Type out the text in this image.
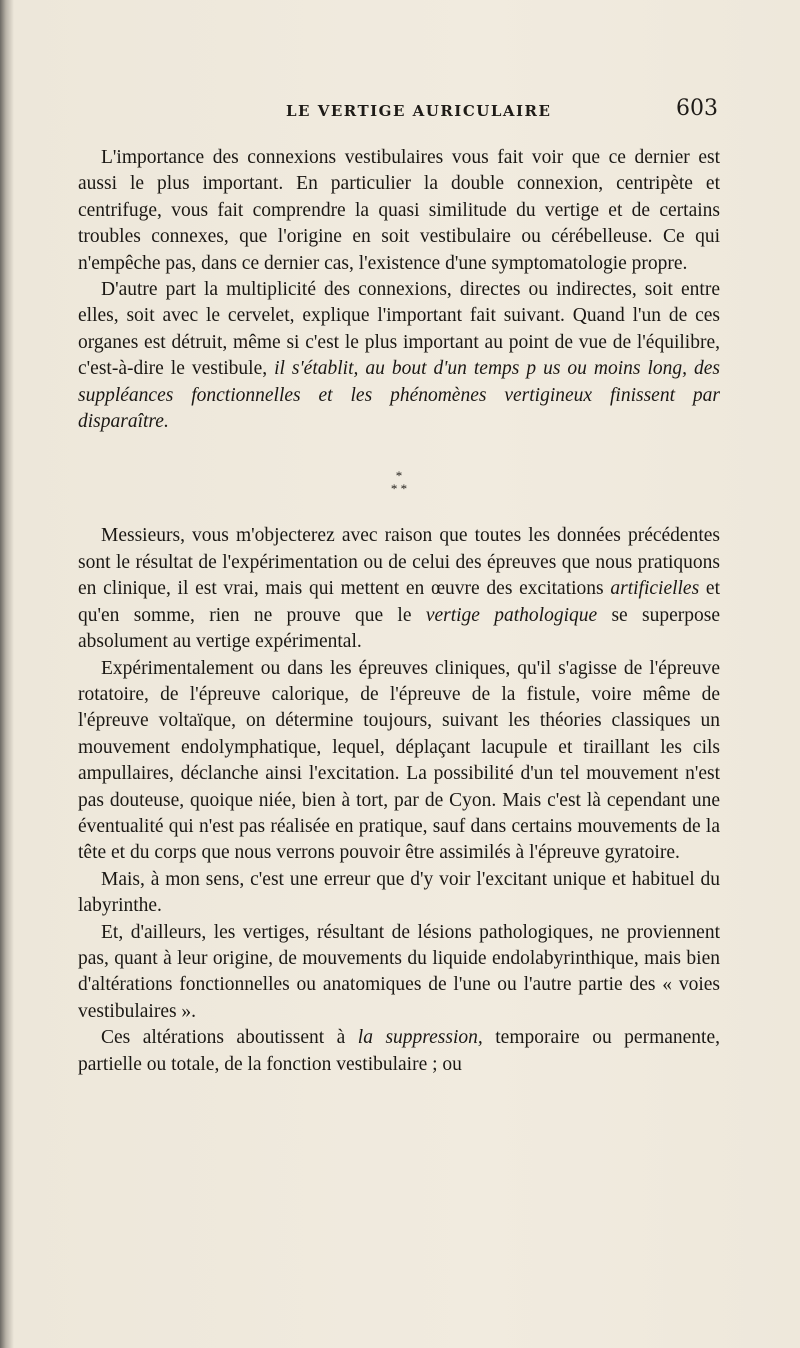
LE VERTIGE AURICULAIRE	603

L'importance des connexions vestibulaires vous fait voir que ce dernier est aussi le plus important. En particulier la double connexion, centripète et centrifuge, vous fait comprendre la quasi similitude du vertige et de certains troubles connexes, que l'origine en soit vestibulaire ou cérébelleuse. Ce qui n'empêche pas, dans ce dernier cas, l'existence d'une symptomatologie propre.

D'autre part la multiplicité des connexions, directes ou indirectes, soit entre elles, soit avec le cervelet, explique l'important fait suivant. Quand l'un de ces organes est détruit, même si c'est le plus important au point de vue de l'équilibre, c'est-à-dire le vestibule, il s'établit, au bout d'un temps p us ou moins long, des suppléances fonctionnelles et les phénomènes vertigineux finissent par disparaître.

*
* *

Messieurs, vous m'objecterez avec raison que toutes les données précédentes sont le résultat de l'expérimentation ou de celui des épreuves que nous pratiquons en clinique, il est vrai, mais qui mettent en œuvre des excitations artificielles et qu'en somme, rien ne prouve que le vertige pathologique se superpose absolument au vertige expérimental.

Expérimentalement ou dans les épreuves cliniques, qu'il s'agisse de l'épreuve rotatoire, de l'épreuve calorique, de l'épreuve de la fistule, voire même de l'épreuve voltaïque, on détermine toujours, suivant les théories classiques un mouvement endolymphatique, lequel, déplaçant lacupule et tiraillant les cils ampullaires, déclanche ainsi l'excitation. La possibilité d'un tel mouvement n'est pas douteuse, quoique niée, bien à tort, par de Cyon. Mais c'est là cependant une éventualité qui n'est pas réalisée en pratique, sauf dans certains mouvements de la tête et du corps que nous verrons pouvoir être assimilés à l'épreuve gyratoire.

Mais, à mon sens, c'est une erreur que d'y voir l'excitant unique et habituel du labyrinthe.

Et, d'ailleurs, les vertiges, résultant de lésions pathologiques, ne proviennent pas, quant à leur origine, de mouvements du liquide endolabyrinthique, mais bien d'altérations fonctionnelles ou anatomiques de l'une ou l'autre partie des « voies vestibulaires ».

Ces altérations aboutissent à la suppression, temporaire ou permanente, partielle ou totale, de la fonction vestibulaire ; ou
